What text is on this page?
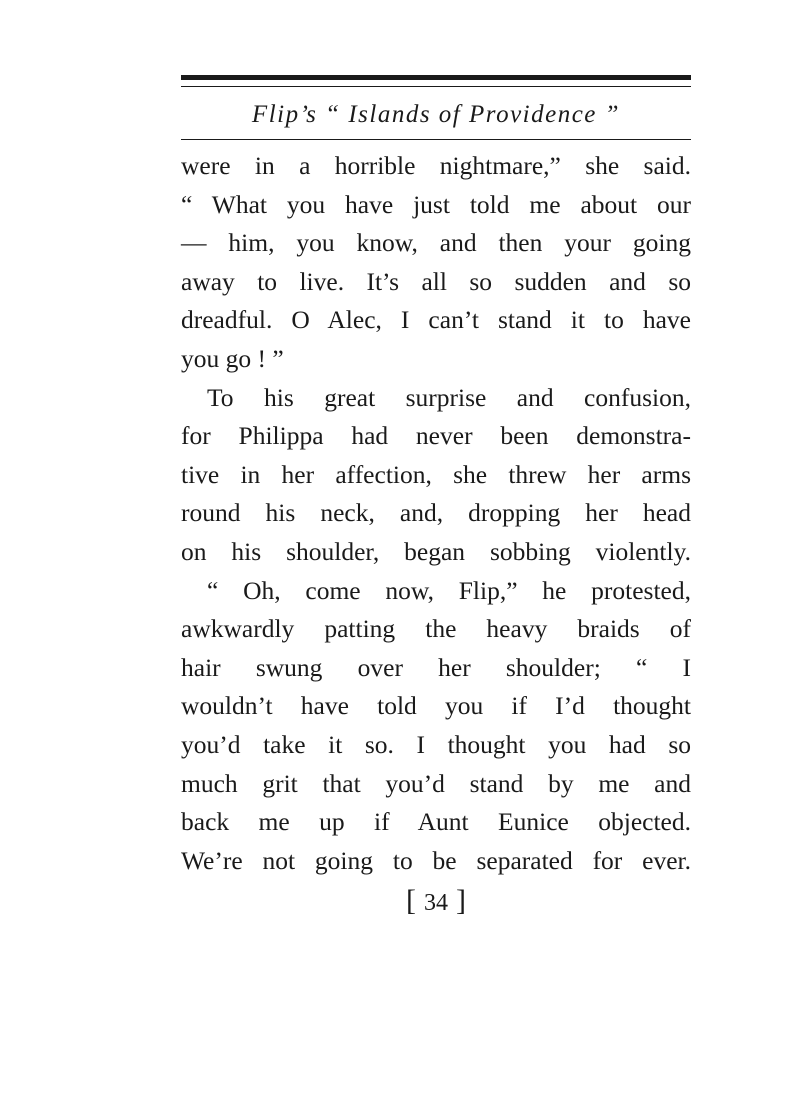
Flip’s “ Islands of Providence ”
were in a horrible nightmare,” she said.
“ What you have just told me about our
— him, you know, and then your going
away to live. It’s all so sudden and so
dreadful. O Alec, I can’t stand it to have
you go ! ”
To his great surprise and confusion,
for Philippa had never been demonstra-
tive in her affection, she threw her arms
round his neck, and, dropping her head
on his shoulder, began sobbing violently.
“ Oh, come now, Flip,” he protested,
awkwardly patting the heavy braids of
hair swung over her shoulder; “ I
wouldn’t have told you if I’d thought
you’d take it so. I thought you had so
much grit that you’d stand by me and
back me up if Aunt Eunice objected.
We’re not going to be separated for ever.
[ 34 ]
